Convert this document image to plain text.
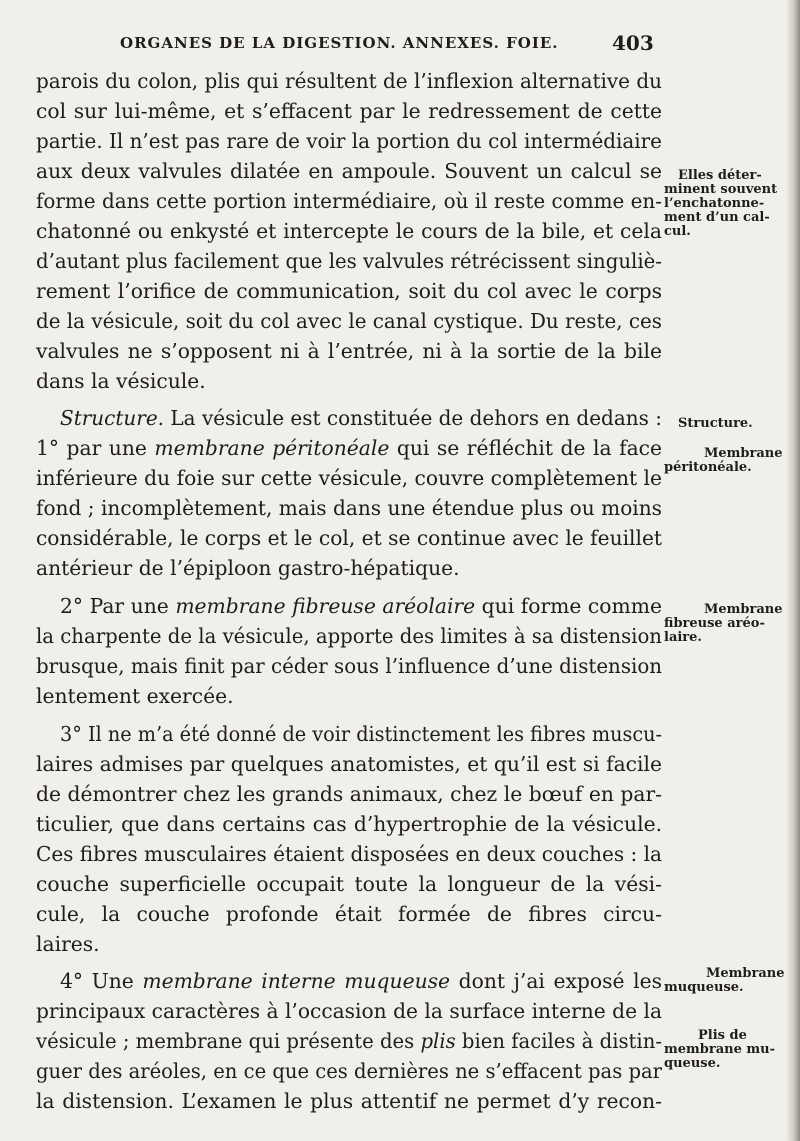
ORGANES DE LA DIGESTION. ANNEXES. FOIE.	403
parois du colon, plis qui résultent de l’inflexion alternative du
col sur lui-même, et s’effacent par le redressement de cette
partie. Il n’est pas rare de voir la portion du col intermédiaire
aux deux valvules dilatée en ampoule. Souvent un calcul se
forme dans cette portion intermédiaire, où il reste comme en-
chatonné ou enkysté et intercepte le cours de la bile, et cela
d’autant plus facilement que les valvules rétrécissent singuliè-
rement l’orifice de communication, soit du col avec le corps
de la vésicule, soit du col avec le canal cystique. Du reste, ces
valvules ne s’opposent ni à l’entrée, ni à la sortie de la bile
dans la vésicule.
Structure. La vésicule est constituée de dehors en dedans :
1° par une membrane péritonéale qui se réfléchit de la face
inférieure du foie sur cette vésicule, couvre complètement le
fond ; incomplètement, mais dans une étendue plus ou moins
considérable, le corps et le col, et se continue avec le feuillet
antérieur de l’épiploon gastro-hépatique.
2° Par une membrane fibreuse aréolaire qui forme comme
la charpente de la vésicule, apporte des limites à sa distension
brusque, mais finit par céder sous l’influence d’une distension
lentement exercée.
3° Il ne m’a été donné de voir distinctement les fibres muscu-
laires admises par quelques anatomistes, et qu’il est si facile
de démontrer chez les grands animaux, chez le bœuf en par-
ticulier, que dans certains cas d’hypertrophie de la vésicule.
Ces fibres musculaires étaient disposées en deux couches : la
couche superficielle occupait toute la longueur de la vési-
cule, la couche profonde était formée de fibres circu-
laires.
4° Une membrane interne muqueuse dont j’ai exposé les
principaux caractères à l’occasion de la surface interne de la
vésicule ; membrane qui présente des plis bien faciles à distin-
guer des aréoles, en ce que ces dernières ne s’effacent pas par
la distension. L’examen le plus attentif ne permet d’y recon-
Elles déter-
minent souvent
l’enchatonne-
ment d’un cal-
cul.
Structure.
Membrane
péritonéale.
Membrane
fibreuse aréo-
laire.
Membrane
muqueuse.
Plis de
membrane mu-
queuse.
